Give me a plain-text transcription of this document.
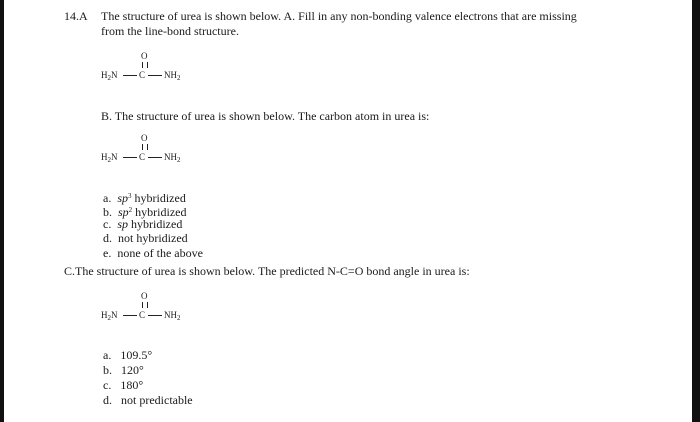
14.A The structure of urea is shown below. A. Fill in any non-bonding valence electrons that are missing
from the line-bond structure.
O
$H_2N$ C $NH_2$
B. The structure of urea is shown below. The carbon atom in urea is:
O
$H_2N$ C $NH_2$
a. $sp^3$ hybridized
b. $sp^2$ hybridized
c. sp hybridized
d. not hybridized
e. none of the above
C.The structure of urea is shown below. The predicted N-C=O bond angle in urea is:
O
$H_2N$ C $NH_2$
a. 109.5°
b. 120°
c. 180°
d. not predictable
